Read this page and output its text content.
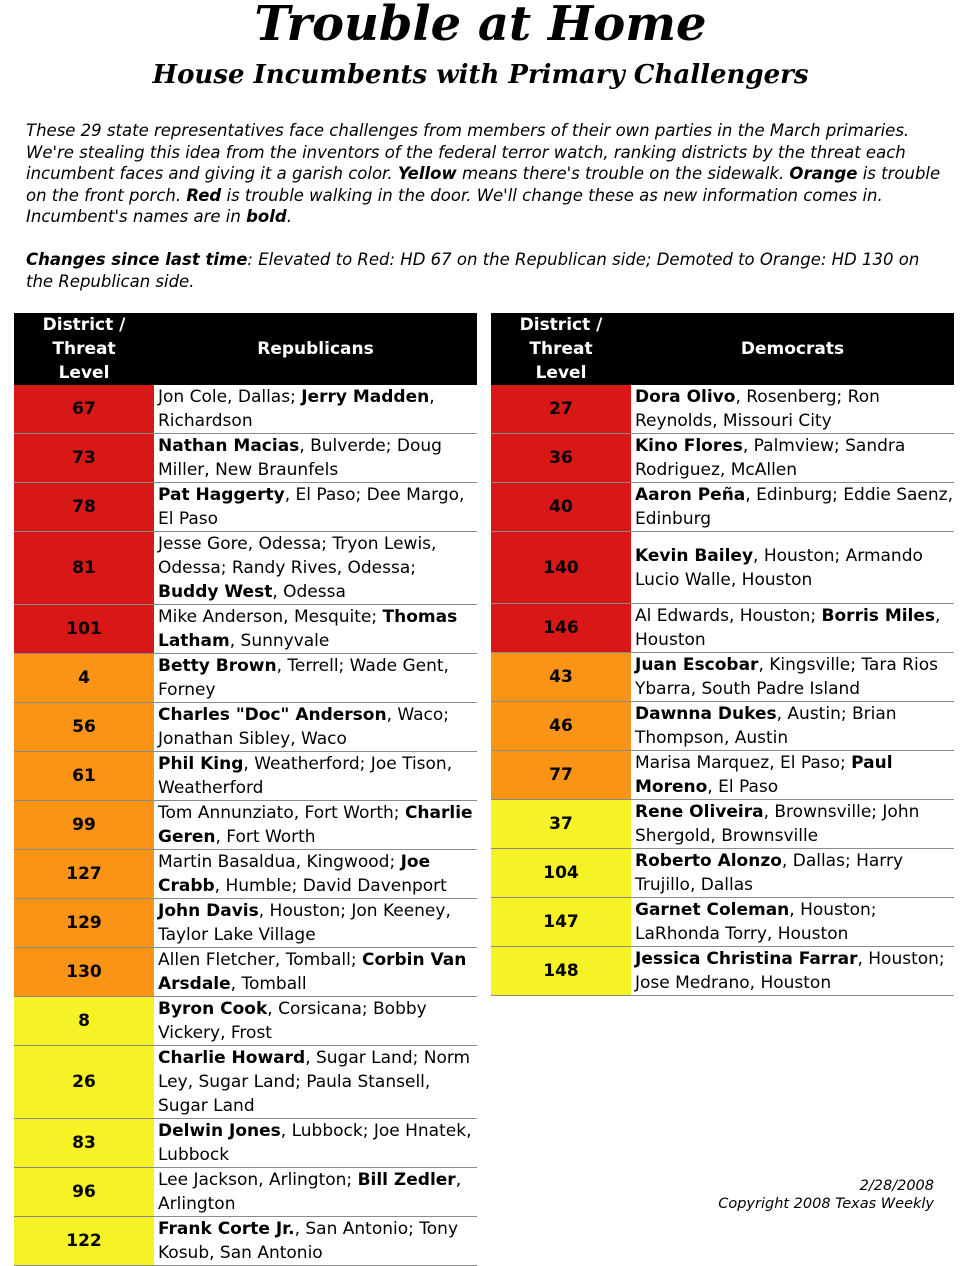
Trouble at Home
House Incumbents with Primary Challengers
These 29 state representatives face challenges from members of their own parties in the March primaries. We're stealing this idea from the inventors of the federal terror watch, ranking districts by the threat each incumbent faces and giving it a garish color. Yellow means there's trouble on the sidewalk. Orange is trouble on the front porch. Red is trouble walking in the door. We'll change these as new information comes in. Incumbent's names are in bold.
Changes since last time: Elevated to Red: HD 67 on the Republican side; Demoted to Orange: HD 130 on the Republican side.
District / Threat Level	Republicans
67	Jon Cole, Dallas; Jerry Madden, Richardson
73	Nathan Macias, Bulverde; Doug Miller, New Braunfels
78	Pat Haggerty, El Paso; Dee Margo, El Paso
81	Jesse Gore, Odessa; Tryon Lewis, Odessa; Randy Rives, Odessa; Buddy West, Odessa
101	Mike Anderson, Mesquite; Thomas Latham, Sunnyvale
4	Betty Brown, Terrell; Wade Gent, Forney
56	Charles "Doc" Anderson, Waco; Jonathan Sibley, Waco
61	Phil King, Weatherford; Joe Tison, Weatherford
99	Tom Annunziato, Fort Worth; Charlie Geren, Fort Worth
127	Martin Basaldua, Kingwood; Joe Crabb, Humble; David Davenport
129	John Davis, Houston; Jon Keeney, Taylor Lake Village
130	Allen Fletcher, Tomball; Corbin Van Arsdale, Tomball
8	Byron Cook, Corsicana; Bobby Vickery, Frost
26	Charlie Howard, Sugar Land; Norm Ley, Sugar Land; Paula Stansell, Sugar Land
83	Delwin Jones, Lubbock; Joe Hnatek, Lubbock
96	Lee Jackson, Arlington; Bill Zedler, Arlington
122	Frank Corte Jr., San Antonio; Tony Kosub, San Antonio
District / Threat Level	Democrats
27	Dora Olivo, Rosenberg; Ron Reynolds, Missouri City
36	Kino Flores, Palmview; Sandra Rodriguez, McAllen
40	Aaron Peña, Edinburg; Eddie Saenz, Edinburg
140	Kevin Bailey, Houston; Armando Lucio Walle, Houston
146	Al Edwards, Houston; Borris Miles, Houston
43	Juan Escobar, Kingsville; Tara Rios Ybarra, South Padre Island
46	Dawnna Dukes, Austin; Brian Thompson, Austin
77	Marisa Marquez, El Paso; Paul Moreno, El Paso
37	Rene Oliveira, Brownsville; John Shergold, Brownsville
104	Roberto Alonzo, Dallas; Harry Trujillo, Dallas
147	Garnet Coleman, Houston; LaRhonda Torry, Houston
148	Jessica Christina Farrar, Houston; Jose Medrano, Houston
2/28/2008
Copyright 2008 Texas Weekly
